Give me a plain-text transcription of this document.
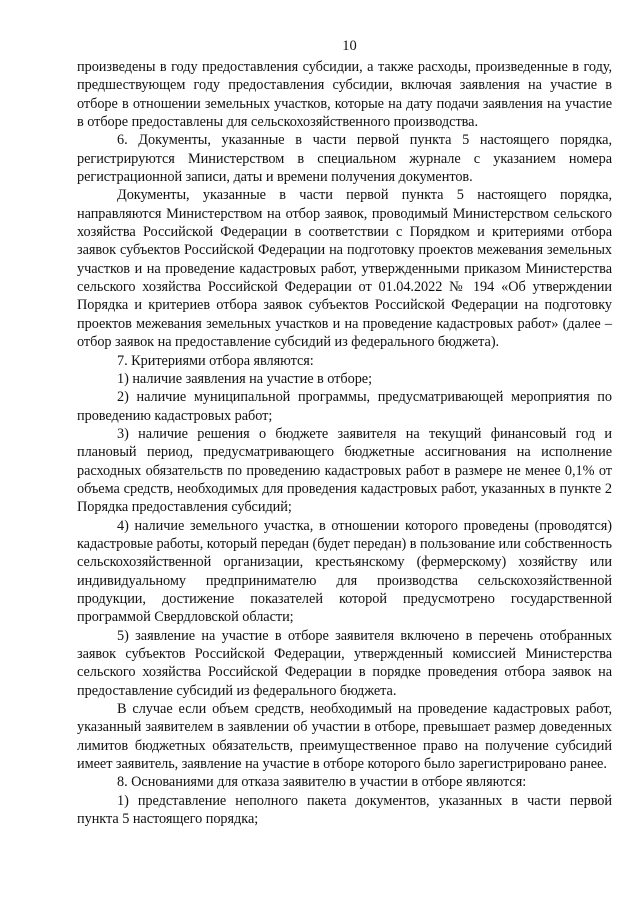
10

произведены в году предоставления субсидии, а также расходы, произведенные в году, предшествующем году предоставления субсидии, включая заявления на участие в отборе в отношении земельных участков, которые на дату подачи заявления на участие в отборе предоставлены для сельскохозяйственного производства.

6. Документы, указанные в части первой пункта 5 настоящего порядка, регистрируются Министерством в специальном журнале с указанием номера регистрационной записи, даты и времени получения документов.

Документы, указанные в части первой пункта 5 настоящего порядка, направляются Министерством на отбор заявок, проводимый Министерством сельского хозяйства Российской Федерации в соответствии с Порядком и критериями отбора заявок субъектов Российской Федерации на подготовку проектов межевания земельных участков и на проведение кадастровых работ, утвержденными приказом Министерства сельского хозяйства Российской Федерации от 01.04.2022 № 194 «Об утверждении Порядка и критериев отбора заявок субъектов Российской Федерации на подготовку проектов межевания земельных участков и на проведение кадастровых работ» (далее – отбор заявок на предоставление субсидий из федерального бюджета).

7. Критериями отбора являются:

1) наличие заявления на участие в отборе;

2) наличие муниципальной программы, предусматривающей мероприятия по проведению кадастровых работ;

3) наличие решения о бюджете заявителя на текущий финансовый год и плановый период, предусматривающего бюджетные ассигнования на исполнение расходных обязательств по проведению кадастровых работ в размере не менее 0,1% от объема средств, необходимых для проведения кадастровых работ, указанных в пункте 2 Порядка предоставления субсидий;

4) наличие земельного участка, в отношении которого проведены (проводятся) кадастровые работы, который передан (будет передан) в пользование или собственность сельскохозяйственной организации, крестьянскому (фермерскому) хозяйству или индивидуальному предпринимателю для производства сельскохозяйственной продукции, достижение показателей которой предусмотрено государственной программой Свердловской области;

5) заявление на участие в отборе заявителя включено в перечень отобранных заявок субъектов Российской Федерации, утвержденный комиссией Министерства сельского хозяйства Российской Федерации в порядке проведения отбора заявок на предоставление субсидий из федерального бюджета.

В случае если объем средств, необходимый на проведение кадастровых работ, указанный заявителем в заявлении об участии в отборе, превышает размер доведенных лимитов бюджетных обязательств, преимущественное право на получение субсидий имеет заявитель, заявление на участие в отборе которого было зарегистрировано ранее.

8. Основаниями для отказа заявителю в участии в отборе являются:

1) представление неполного пакета документов, указанных в части первой пункта 5 настоящего порядка;
